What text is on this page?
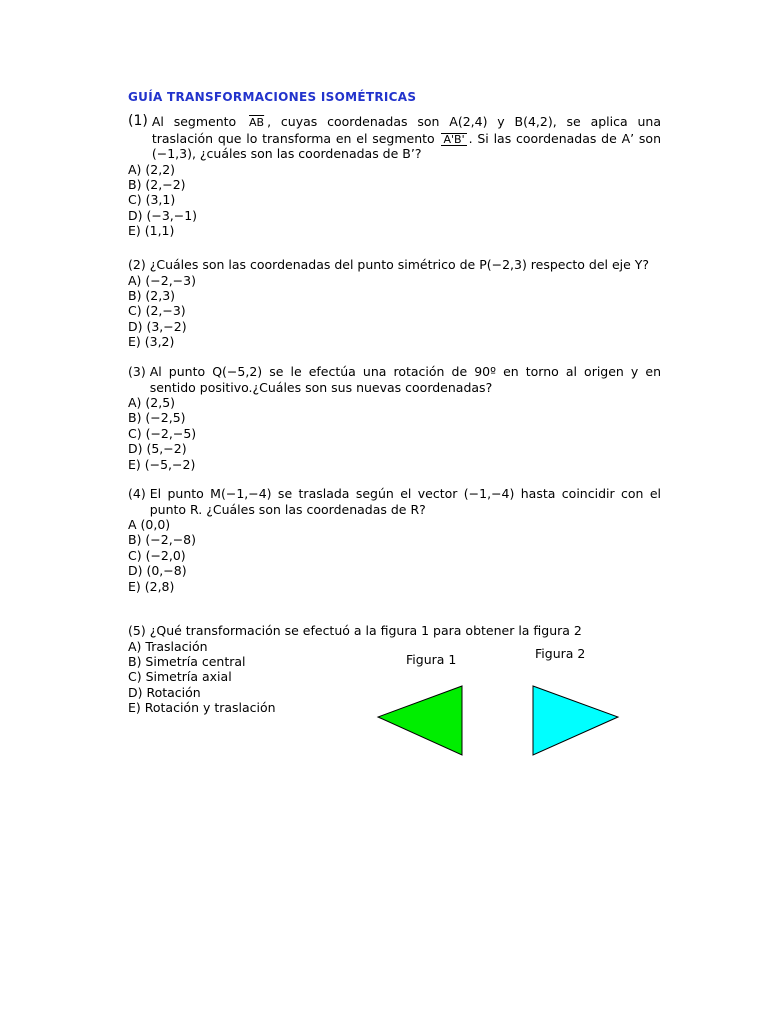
GUÍA TRANSFORMACIONES ISOMÉTRICAS
(1) Al segmento $\overline{AB}$ , cuyas coordenadas son A(2,4) y B(4,2), se aplica una traslación que lo transforma en el segmento A'B' . Si las coordenadas de A’ son (−1,3), ¿cuáles son las coordenadas de B’?
A) (2,2)
B) (2,−2)
C) (3,1)
D) (−3,−1)
E) (1,1)
(2) ¿Cuáles son las coordenadas del punto simétrico de P(−2,3) respecto del eje Y?
A) (−2,−3)
B) (2,3)
C) (2,−3)
D) (3,−2)
E) (3,2)
(3) Al punto Q(−5,2) se le efectúa una rotación de 90º en torno al origen y en sentido positivo.¿Cuáles son sus nuevas coordenadas?
A) (2,5)
B) (−2,5)
C) (−2,−5)
D) (5,−2)
E) (−5,−2)
(4) El punto M(−1,−4) se traslada según el vector (−1,−4) hasta coincidir con el punto R. ¿Cuáles son las coordenadas de R?
A (0,0)
B) (−2,−8)
C) (−2,0)
D) (0,−8)
E) (2,8)
(5) ¿Qué transformación se efectuó a la figura 1 para obtener la figura 2
A) Traslación
B) Simetría central
C) Simetría axial
D) Rotación
E) Rotación y traslación
Figura 1	Figura 2
